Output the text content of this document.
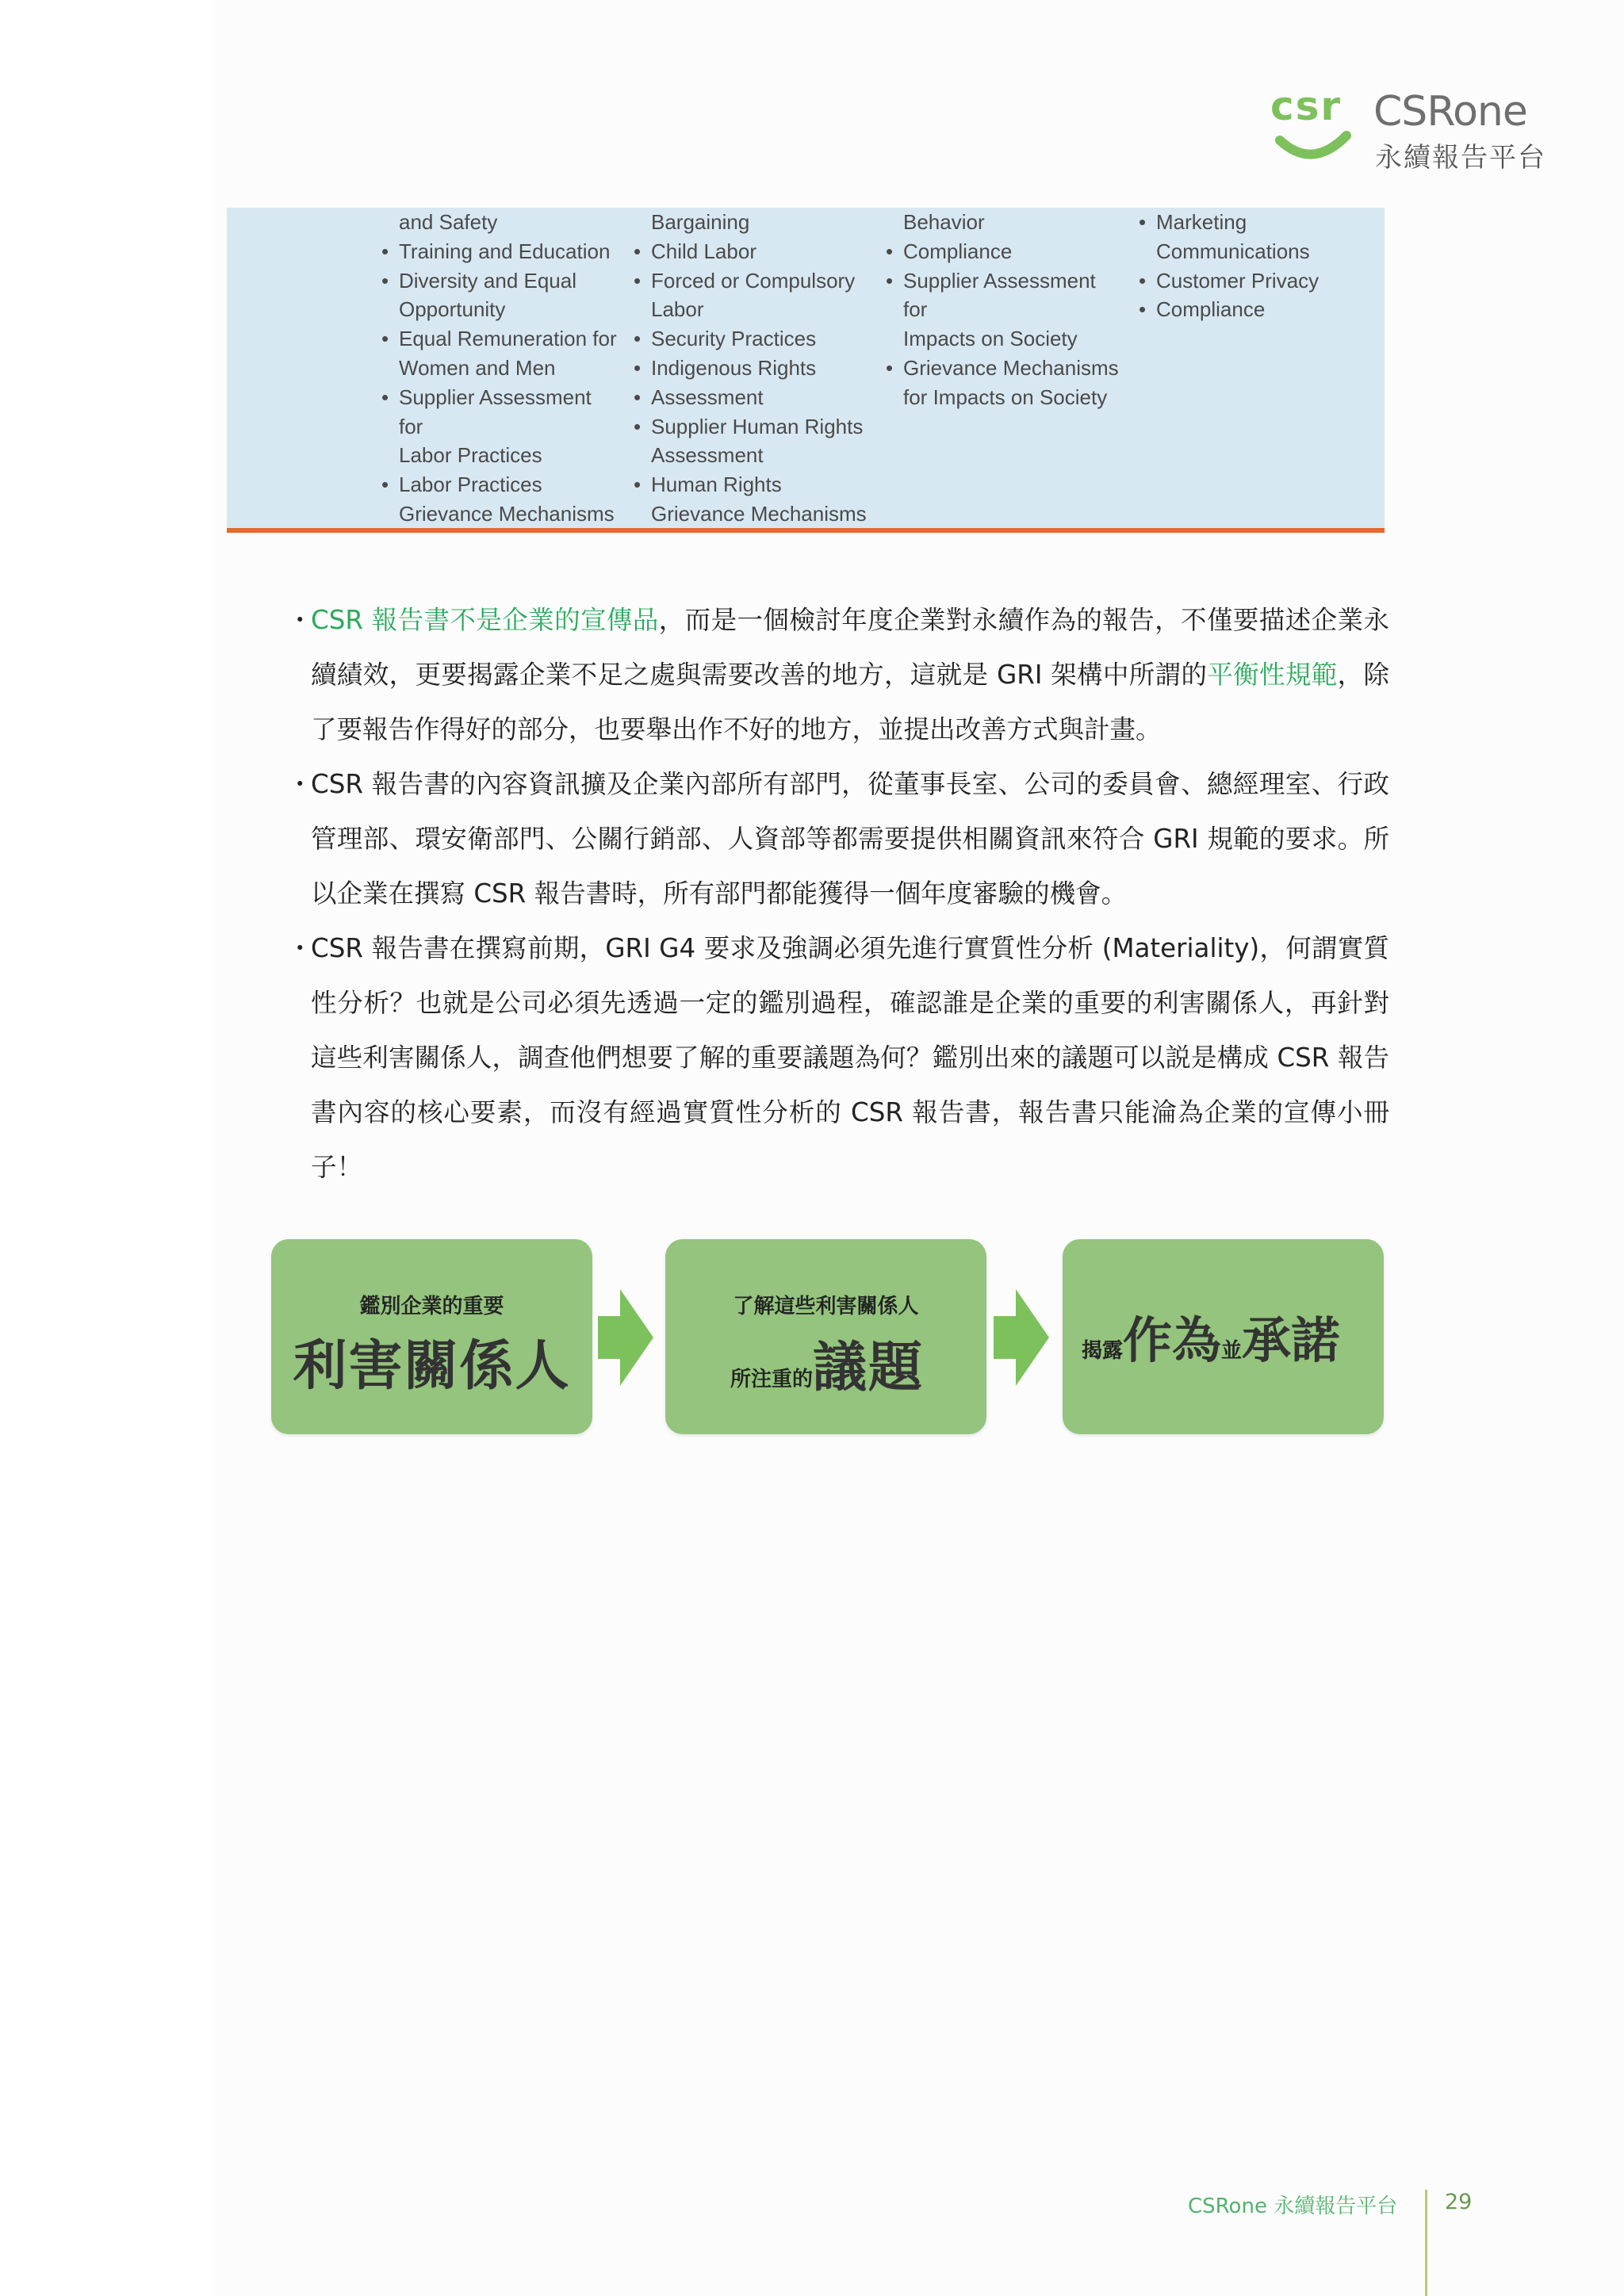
csr CSRone
永續報告平台
and Safety
• Training and Education
• Diversity and Equal
Opportunity
• Equal Remuneration for
Women and Men
• Supplier Assessment for
Labor Practices
• Labor Practices
Grievance Mechanisms
Bargaining
• Child Labor
• Forced or Compulsory
Labor
• Security Practices
• Indigenous Rights
• Assessment
• Supplier Human Rights
Assessment
• Human Rights
Grievance Mechanisms
Behavior
• Compliance
• Supplier Assessment for
Impacts on Society
• Grievance Mechanisms
for Impacts on Society
• Marketing
Communications
• Customer Privacy
• Compliance

・
CSR 報告書不是企業的宣傳品，而是一個檢討年度企業對永續作為的報告，不僅要描述企業永續績效，更要揭露企業不足之處與需要改善的地方，這就是 GRI 架構中所謂的平衡性規範，除了要報告作得好的部分，也要舉出作不好的地方，並提出改善方式與計畫。

・
CSR 報告書的內容資訊擴及企業內部所有部門，從董事長室、公司的委員會、總經理室、行政管理部、環安衛部門、公關行銷部、人資部等都需要提供相關資訊來符合 GRI 規範的要求。所以企業在撰寫 CSR 報告書時，所有部門都能獲得一個年度審驗的機會。

・
CSR 報告書在撰寫前期，GRI G4 要求及強調必須先進行實質性分析 (Materiality)，何謂實質性分析？也就是公司必須先透過一定的鑑別過程，確認誰是企業的重要的利害關係人，再針對這些利害關係人，調查他們想要了解的重要議題為何？鑑別出來的議題可以説是構成 CSR 報告書內容的核心要素，而沒有經過實質性分析的 CSR 報告書，報告書只能淪為企業的宣傳小冊子！

鑑別企業的重要
利害關係人
了解這些利害關係人
所注重的議題	揭露作為並承諾
CSRone 永續報告平台 29
